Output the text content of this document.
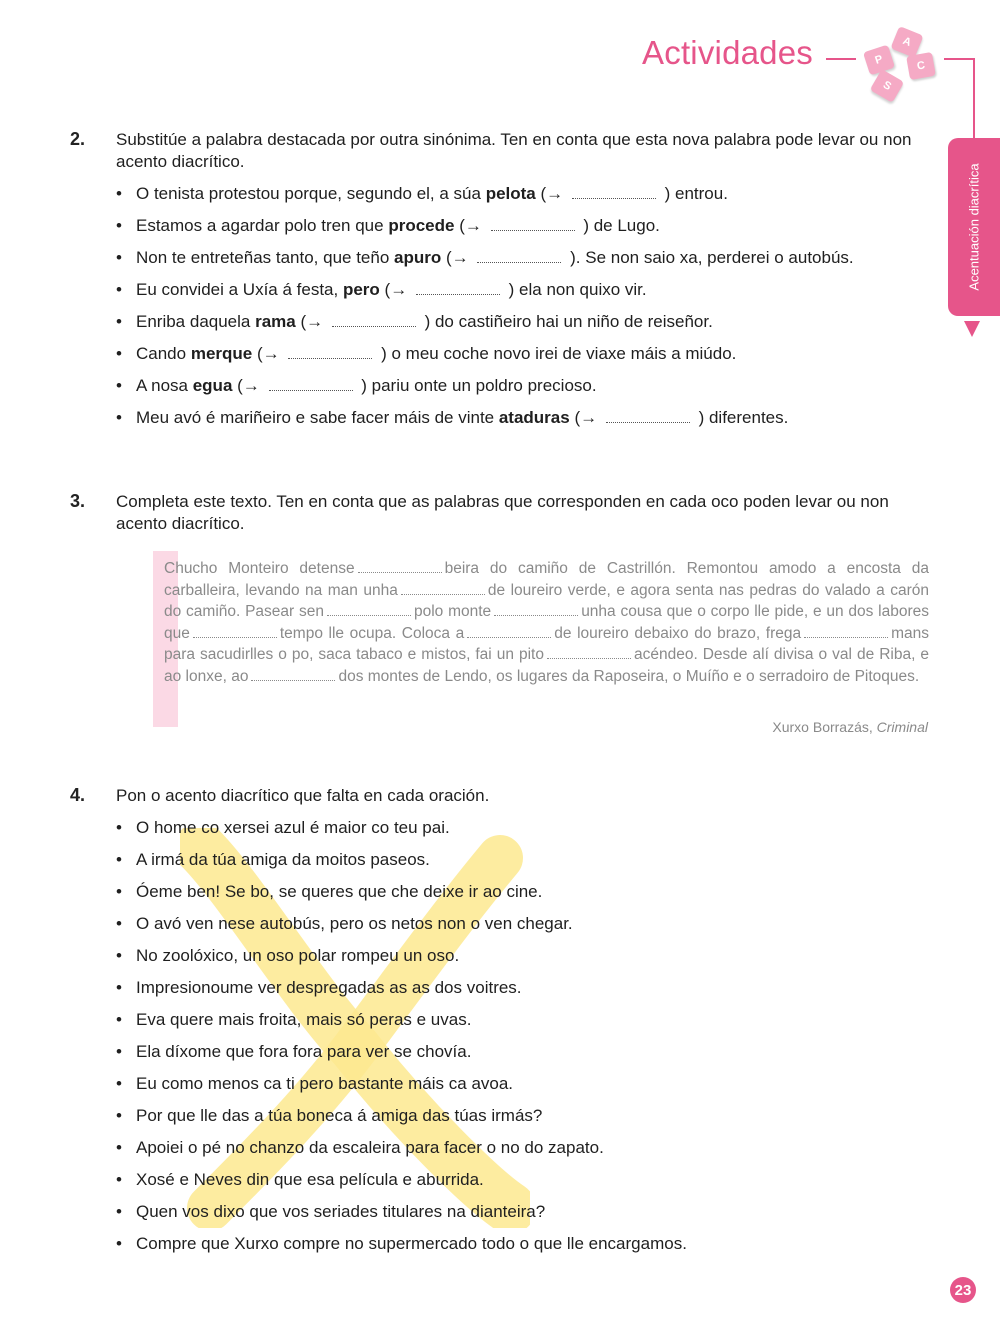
Actividades	P
A
C
S
Acentuación diacrítica
2. Substitúe a palabra destacada por outra sinónima. Ten en conta que esta nova palabra pode levar ou non acento diacrítico.
• O tenista protestou porque, segundo el, a súa pelota (→	) entrou.
• Estamos a agardar polo tren que procede (→	) de Lugo.
• Non te entreteñas tanto, que teño apuro (→	). Se non saio xa, perderei o autobús.
• Eu convidei a Uxía á festa, pero (→	) ela non quixo vir.
• Enriba daquela rama (→	) do castiñeiro hai un niño de reiseñor.
• Cando merque (→	) o meu coche novo irei de viaxe máis a miúdo.
• A nosa egua (→	) pariu onte un poldro precioso.
• Meu avó é mariñeiro e sabe facer máis de vinte ataduras (→	) diferentes.
3. Completa este texto. Ten en conta que as palabras que corresponden en cada oco poden levar ou non acento diacrítico.
Chucho Monteiro detense	beira do camiño de Castrillón. Remontou amodo a encosta da carballeira, levando na man unha	de loureiro verde, e agora senta nas pedras do valado a carón do camiño. Pasear sen	polo monte	unha cousa que o corpo lle pide, e un dos labores que	tempo lle ocupa. Coloca a	de loureiro debaixo do brazo, frega	mans para sacudirlles o po, saca tabaco e mistos, fai un pito	acéndeo. Desde alí divisa o val de Riba, e ao lonxe, ao	dos montes de Lendo, os lugares da Raposeira, o Muíño e o serradoiro de Pitoques.
Xurxo Borrazás, Criminal
4. Pon o acento diacrítico que falta en cada oración.
• O home co xersei azul é maior co teu pai.
• A irmá da túa amiga da moitos paseos.
• Óeme ben! Se bo, se queres que che deixe ir ao cine.
• O avó ven nese autobús, pero os netos non o ven chegar.
• No zoolóxico, un oso polar rompeu un oso.
• Impresionoume ver despregadas as as dos voitres.
• Eva quere mais froita, mais só peras e uvas.
• Ela díxome que fora fora para ver se chovía.
• Eu como menos ca ti pero bastante máis ca avoa.
• Por que lle das a túa boneca á amiga das túas irmás?
• Apoiei o pé no chanzo da escaleira para facer o no do zapato.
• Xosé e Neves din que esa película e aburrida.
• Quen vos dixo que vos seriades titulares na dianteira?
• Compre que Xurxo compre no supermercado todo o que lle encargamos.
23
